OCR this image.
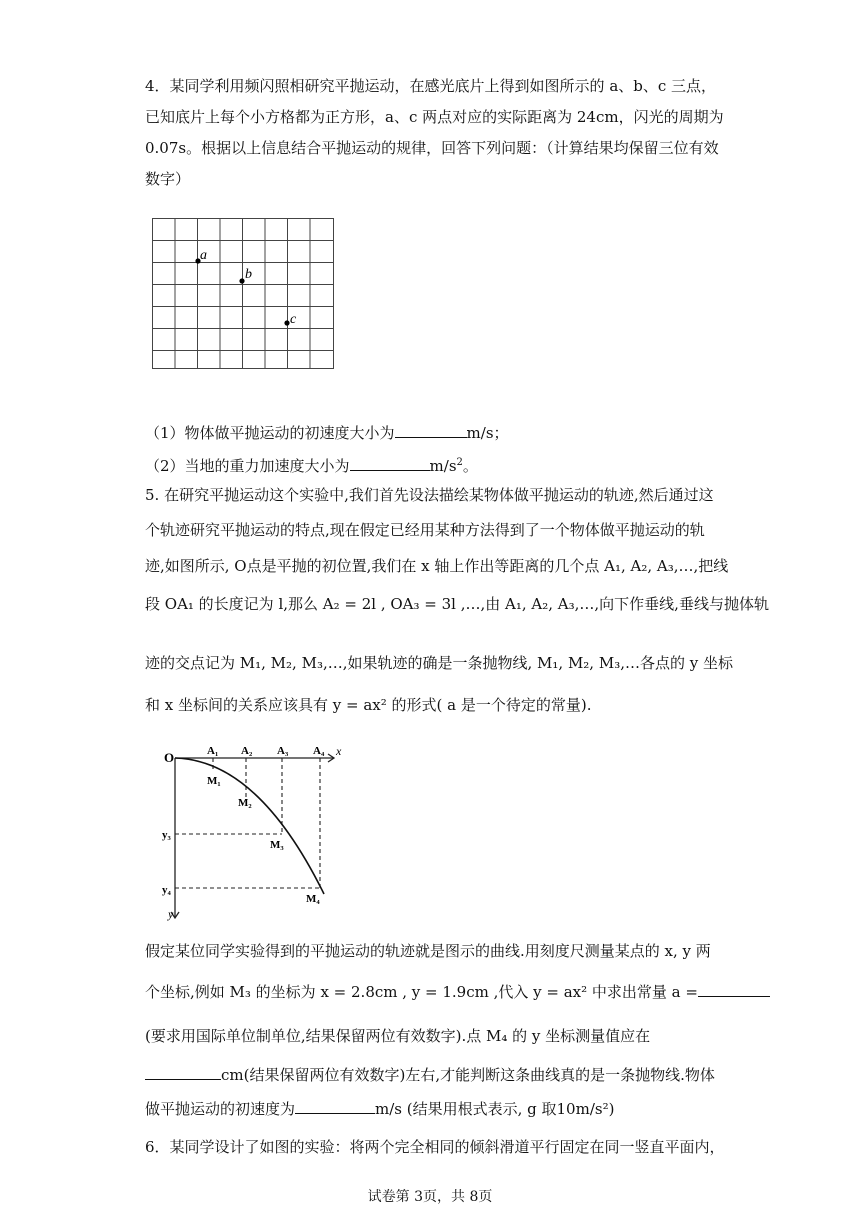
4．某同学利用频闪照相研究平抛运动，在感光底片上得到如图所示的 a、b、c 三点，
已知底片上每个小方格都为正方形，a、c 两点对应的实际距离为 24cm，闪光的周期为
0.07s。根据以上信息结合平抛运动的规律，回答下列问题：（计算结果均保留三位有效
数字）
a
b
c
（1）物体做平抛运动的初速度大小为	m/s；
（2）当地的重力加速度大小为	$m/s^2$。
5. 在研究平抛运动这个实验中,我们首先设法描绘某物体做平抛运动的轨迹,然后通过这
个轨迹研究平抛运动的特点,现在假定已经用某种方法得到了一个物体做平抛运动的轨
迹,如图所示, O点是平抛的初位置,我们在 x 轴上作出等距离的几个点 A₁, A₂, A₃,…,把线
段 OA₁ 的长度记为 l,那么 A₂ = 2l , OA₃ = 3l ,…,由 A₁, A₂, A₃,…,向下作垂线,垂线与抛体轨
迹的交点记为 M₁, M₂, M₃,…,如果轨迹的确是一条抛物线, M₁, M₂, M₃,…各点的 y 坐标
和 x 坐标间的关系应该具有 y = ax² 的形式( a 是一个待定的常量).
O	x
y
A₁ A₂ A₃ A₄
M₁
M₂
M₃
M₄
y₃
y₄
假定某位同学实验得到的平抛运动的轨迹就是图示的曲线.用刻度尺测量某点的 x, y 两
个坐标,例如 M₃ 的坐标为 x = 2.8cm , y = 1.9cm ,代入 y = ax² 中求出常量 a =
(要求用国际单位制单位,结果保留两位有效数字).点 M₄ 的 y 坐标测量值应在
cm(结果保留两位有效数字)左右,才能判断这条曲线真的是一条抛物线.物体
做平抛运动的初速度为	m/s (结果用根式表示, g 取10m/s²)
6．某同学设计了如图的实验：将两个完全相同的倾斜滑道平行固定在同一竖直平面内，
试卷第 3页，共 8页
